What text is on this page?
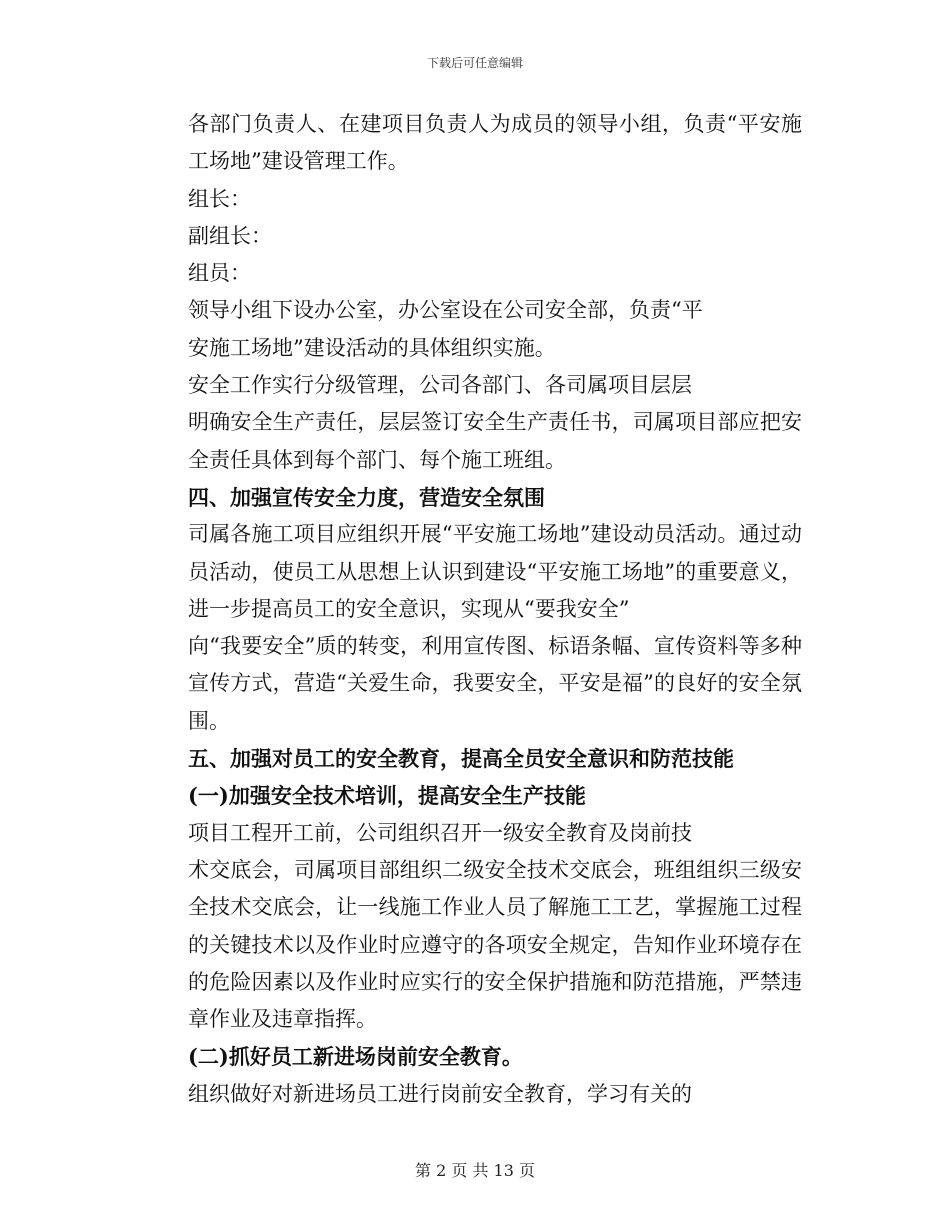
下载后可任意编辑

各部门负责人、在建项目负责人为成员的领导小组，负责“平安施工场地”建设管理工作。

组长：

副组长：

组员：

领导小组下设办公室，办公室设在公司安全部，负责“平

安施工场地”建设活动的具体组织实施。

安全工作实行分级管理，公司各部门、各司属项目层层

明确安全生产责任，层层签订安全生产责任书，司属项目部应把安全责任具体到每个部门、每个施工班组。

四、加强宣传安全力度，营造安全氛围

司属各施工项目应组织开展“平安施工场地”建设动员活动。通过动员活动，使员工从思想上认识到建设“平安施工场地”的重要意义，进一步提高员工的安全意识，实现从“要我安全”

向“我要安全”质的转变，利用宣传图、标语条幅、宣传资料等多种宣传方式，营造“关爱生命，我要安全，平安是福”的良好的安全氛围。

五、加强对员工的安全教育，提高全员安全意识和防范技能

(一)加强安全技术培训，提高安全生产技能

项目工程开工前，公司组织召开一级安全教育及岗前技

术交底会，司属项目部组织二级安全技术交底会，班组组织三级安全技术交底会，让一线施工作业人员了解施工工艺，掌握施工过程的关键技术以及作业时应遵守的各项安全规定，告知作业环境存在的危险因素以及作业时应实行的安全保护措施和防范措施，严禁违章作业及违章指挥。

(二)抓好员工新进场岗前安全教育。

组织做好对新进场员工进行岗前安全教育，学习有关的

第 2 页 共 13 页
